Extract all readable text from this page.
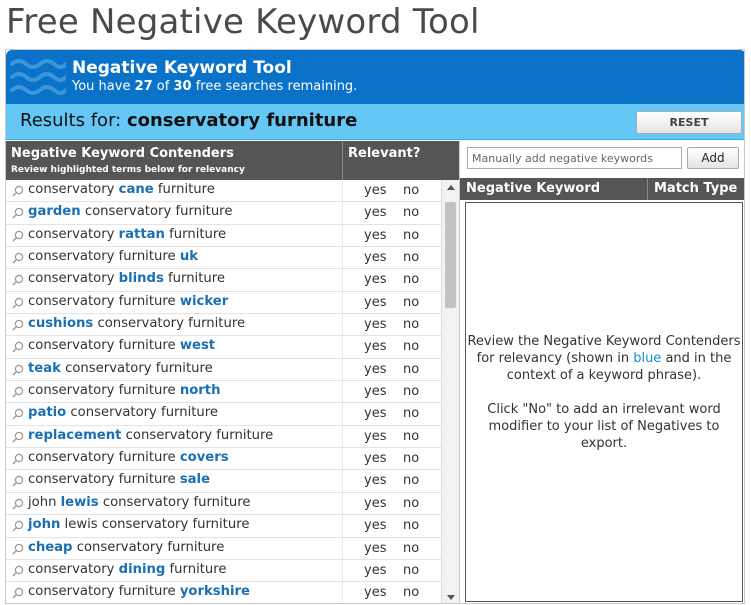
Free Negative Keyword Tool
Negative Keyword Tool
You have 27 of 30 free searches remaining.
Results for: conservatory furniture	RESET
Negative Keyword Contenders
Review highlighted terms below for relevancy
Relevant?
conservatory cane furniture	yes no
garden conservatory furniture	yes no
conservatory rattan furniture	yes no
conservatory furniture uk	yes no
conservatory blinds furniture	yes no
conservatory furniture wicker	yes no
cushions conservatory furniture	yes no
conservatory furniture west	yes no
teak conservatory furniture	yes no
conservatory furniture north	yes no
patio conservatory furniture	yes no
replacement conservatory furniture	yes no
conservatory furniture covers	yes no
conservatory furniture sale	yes no
john lewis conservatory furniture	yes no
john lewis conservatory furniture	yes no
cheap conservatory furniture	yes no
conservatory dining furniture	yes no
conservatory furniture yorkshire	yes no
Manually add negative keywords
Add
Negative Keyword	Match Type

Review the Negative Keyword Contenders for relevancy (shown in blue and in the context of a keyword phrase).

Click "No" to add an irrelevant word modifier to your list of Negatives to export.
